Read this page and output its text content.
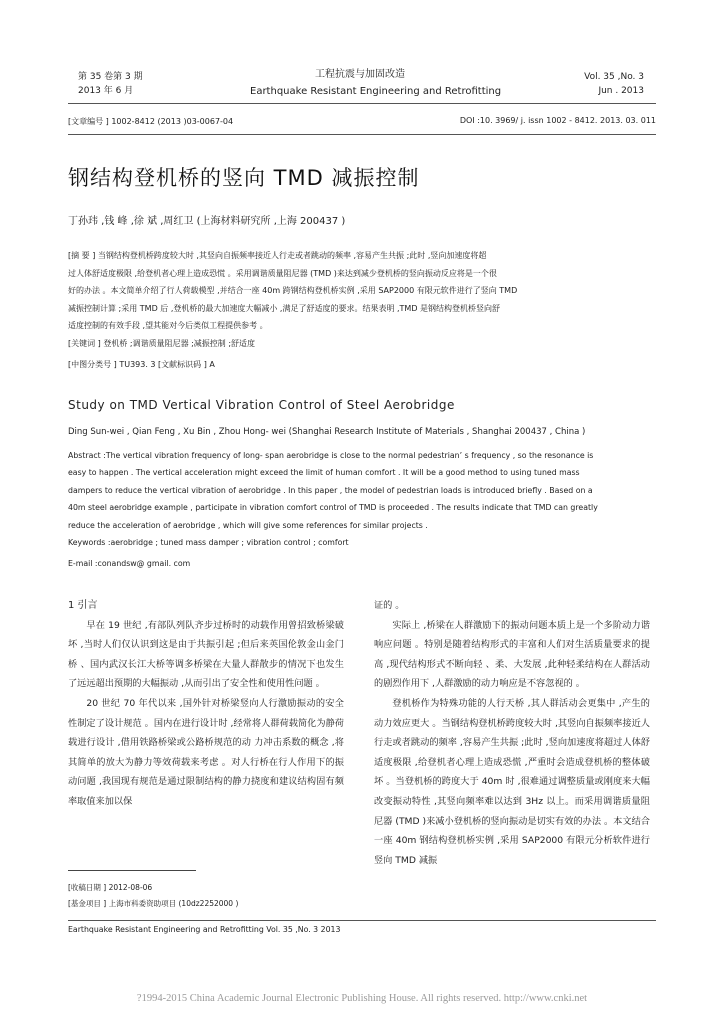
第 35 卷第 3 期
2013 年 6 月
工程抗震与加固改造
Earthquake Resistant Engineering and Retrofitting
Vol. 35 ,No. 3
Jun . 2013
[文章编号 ] 1002-8412 (2013 )03-0067-04	DOI :10. 3969/ j. issn 1002 - 8412. 2013. 03. 011
钢结构登机桥的竖向 TMD 减振控制
丁孙玮 ,钱 峰 ,徐 斌 ,周红卫 (上海材料研究所 ,上海 200437 )

[摘 要 ] 当钢结构登机桥跨度较大时 ,其竖向自振频率接近人行走或者跳动的频率 ,容易产生共振 ;此时 ,竖向加速度将超

过人体舒适度极限 ,给登机者心理上造成恐慌 。采用调谐质量阻尼器 (TMD )来达到减少登机桥的竖向振动反应将是一个很

好的办法 。本文简单介绍了行人荷载模型 ,并结合一座 40m 跨钢结构登机桥实例 ,采用 SAP2000 有限元软件进行了竖向 TMD

减振控制计算 ;采用 TMD 后 ,登机桥的最大加速度大幅减小 ,满足了舒适度的要求。结果表明 ,TMD 是钢结构登机桥竖向舒

适度控制的有效手段 ,望其能对今后类似工程提供参考 。

[关键词 ] 登机桥 ;调谐质量阻尼器 ;减振控制 ;舒适度

[中图分类号 ] TU393. 3 [文献标识码 ] A

Study on TMD Vertical Vibration Control of Steel Aerobridge
Ding Sun-wei , Qian Feng , Xu Bin , Zhou Hong- wei (Shanghai Research Institute of Materials , Shanghai 200437 , China )

Abstract :The vertical vibration frequency of long- span aerobridge is close to the normal pedestrian’ s frequency , so the resonance is

easy to happen . The vertical acceleration might exceed the limit of human comfort . It will be a good method to using tuned mass

dampers to reduce the vertical vibration of aerobridge . In this paper , the model of pedestrian loads is introduced briefly . Based on a

40m steel aerobridge example , participate in vibration comfort control of TMD is proceeded . The results indicate that TMD can greatly

reduce the acceleration of aerobridge , which will give some references for similar projects .

Keywords :aerobridge ; tuned mass damper ; vibration control ; comfort

E-mail :conandsw@ gmail. com

1 引言

早在 19 世纪 ,有部队列队齐步过桥时的动载作用曾招致桥梁破坏 ,当时人们仅认识到这是由于共振引起 ;但后来英国伦敦金山金门桥 、国内武汉长江大桥等调多桥梁在大量人群散步的情况下也发生了远远超出预期的大幅振动 ,从而引出了安全性和使用性问题 。

20 世纪 70 年代以来 ,国外针对桥梁竖向人行激励振动的安全性制定了设计规范 。国内在进行设计时 ,经常将人群荷载简化为静荷载进行设计 ,借用铁路桥梁或公路桥规范的动 力冲击系数的概念 ,将其简单的放大为静力等效荷载来考虑 。对人行桥在行人作用下的振动问题 ,我国现有规范是通过限制结构的静力挠度和建议结构固有频率取值来加以保

证的 。

实际上 ,桥梁在人群激励下的振动问题本质上是一个多阶动力谐响应问题 。特别是随着结构形式的丰富和人们对生活质量要求的提高 ,现代结构形式不断向轻 、柔、大发展 ,此种轻柔结构在人群活动的剧烈作用下 ,人群激励的动力响应是不容忽视的 。

登机桥作为特殊功能的人行天桥 ,其人群活动会更集中 ,产生的动力效应更大 。当钢结构登机桥跨度较大时 ,其竖向自振频率接近人行走或者跳动的频率 ,容易产生共振 ;此时 ,竖向加速度将超过人体舒适度极限 ,给登机者心理上造成恐慌 ,严重时会造成登机桥的整体破坏 。当登机桥的跨度大于 40m 时 ,很难通过调整质量或刚度来大幅改变振动特性 ,其竖向频率难以达到 3Hz 以上。而采用调谐质量阻尼器 (TMD )来减小登机桥的竖向振动是切实有效的办法 。本文结合一座 40m 钢结构登机桥实例 ,采用 SAP2000 有限元分析软件进行竖向 TMD 减振

[收稿日期 ] 2012-08-06
[基金项目 ] 上海市科委资助项目 (10dz2252000 )
Earthquake Resistant Engineering and Retrofitting Vol. 35 ,No. 3 2013
?1994-2015 China Academic Journal Electronic Publishing House. All rights reserved. http://www.cnki.net
